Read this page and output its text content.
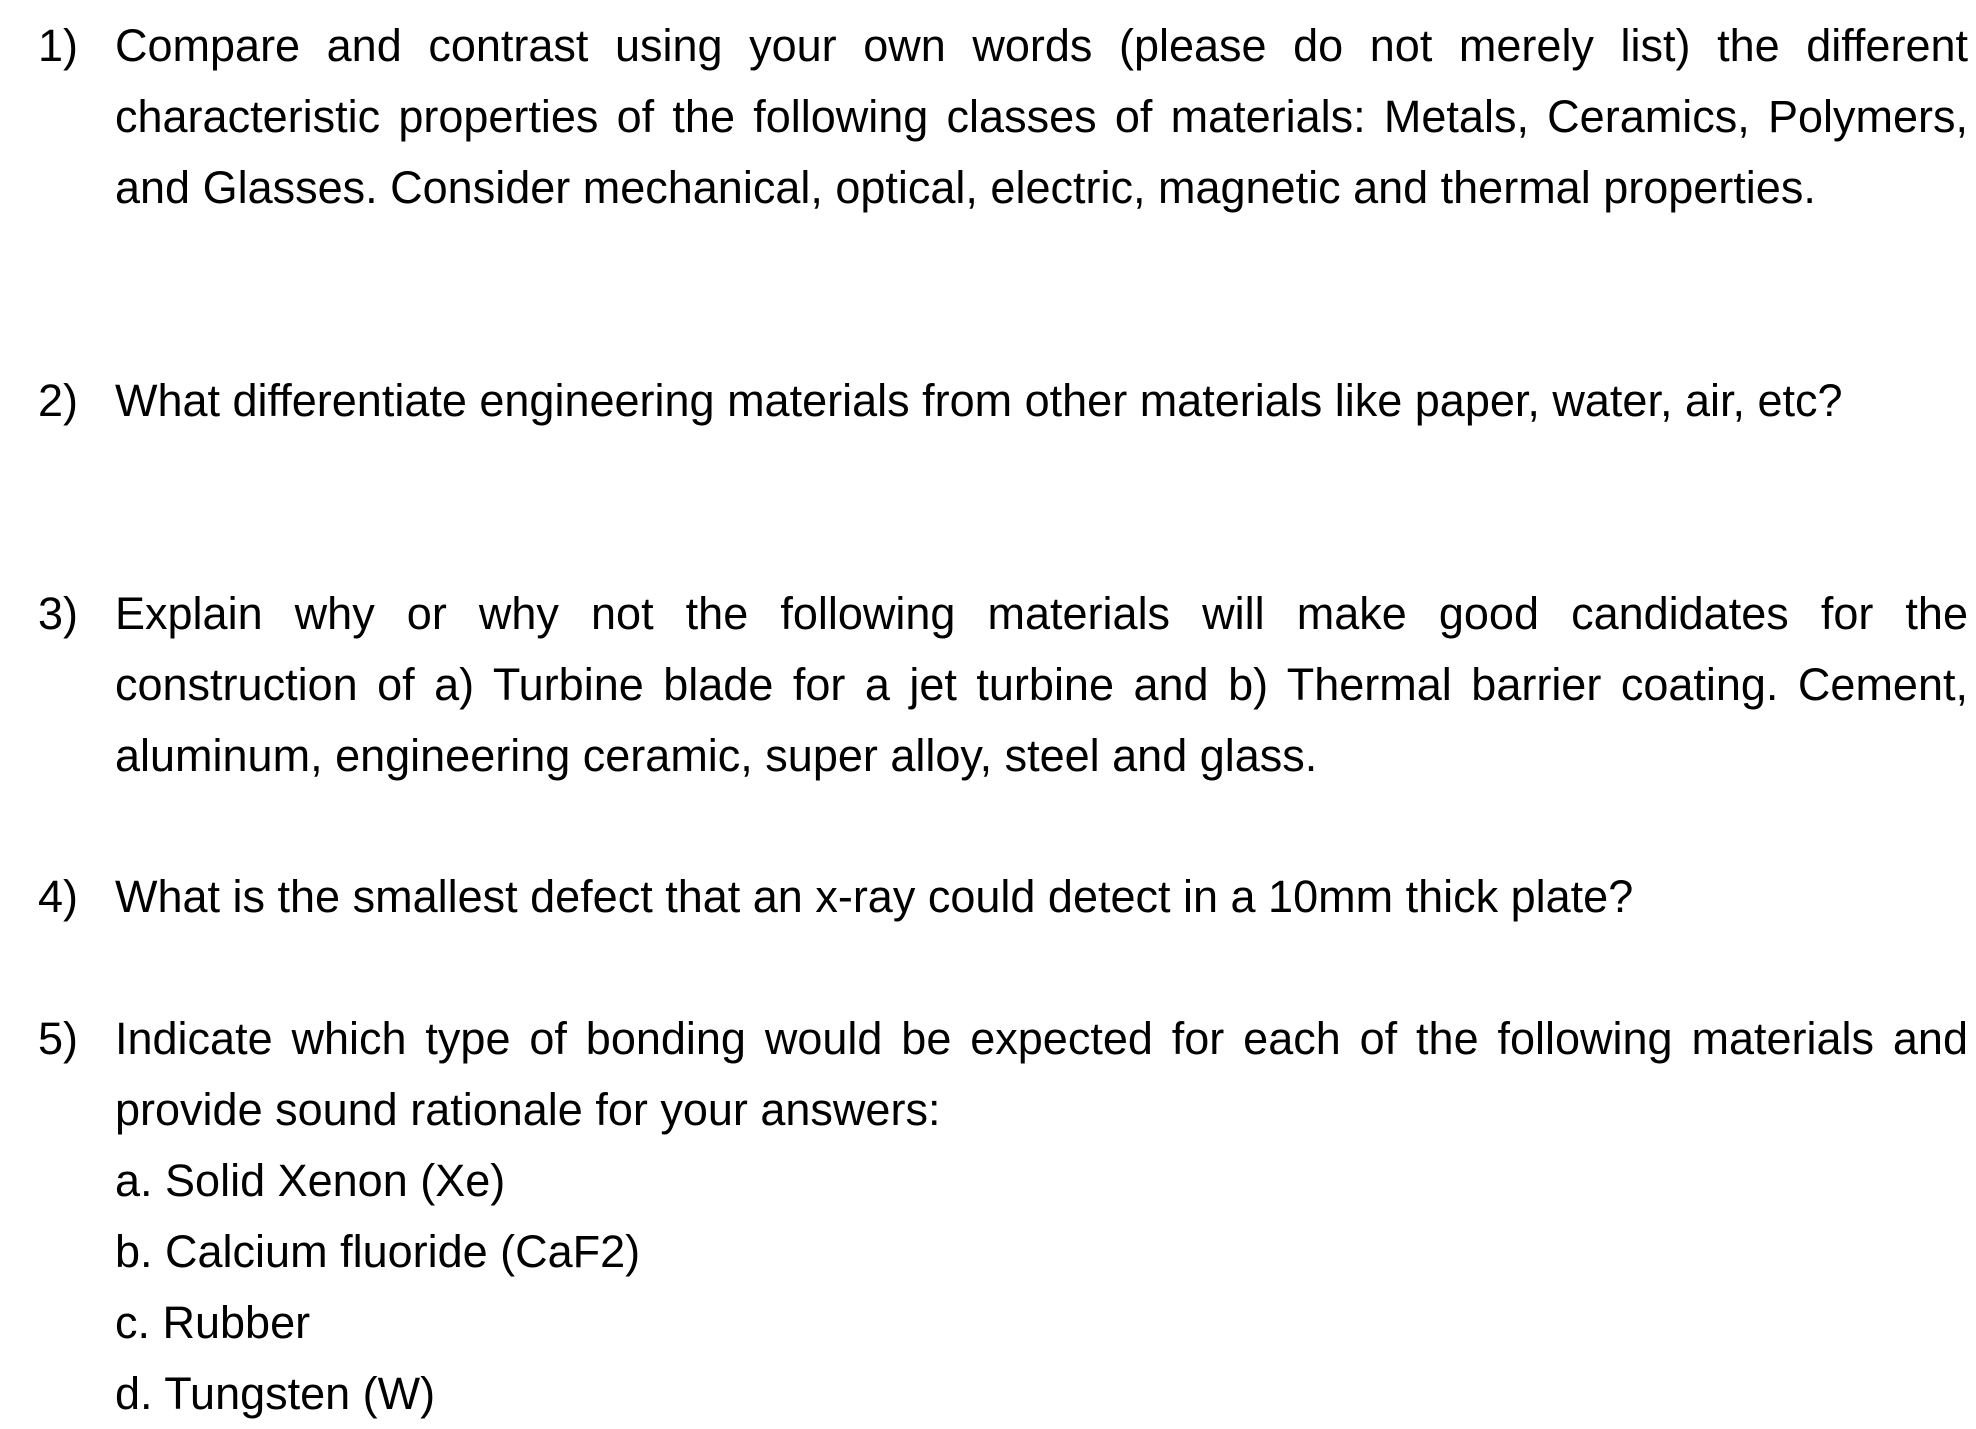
1) Compare and contrast using your own words (please do not merely list) the different characteristic properties of the following classes of materials: Metals, Ceramics, Polymers, and Glasses. Consider mechanical, optical, electric, magnetic and thermal properties.
2) What differentiate engineering materials from other materials like paper, water, air, etc?
3) Explain why or why not the following materials will make good candidates for the construction of a) Turbine blade for a jet turbine and b) Thermal barrier coating. Cement, aluminum, engineering ceramic, super alloy, steel and glass.
4) What is the smallest defect that an x-ray could detect in a 10mm thick plate?
5) Indicate which type of bonding would be expected for each of the following materials and provide sound rationale for your answers:
a. Solid Xenon (Xe)
b. Calcium fluoride (CaF2)
c. Rubber
d. Tungsten (W)
